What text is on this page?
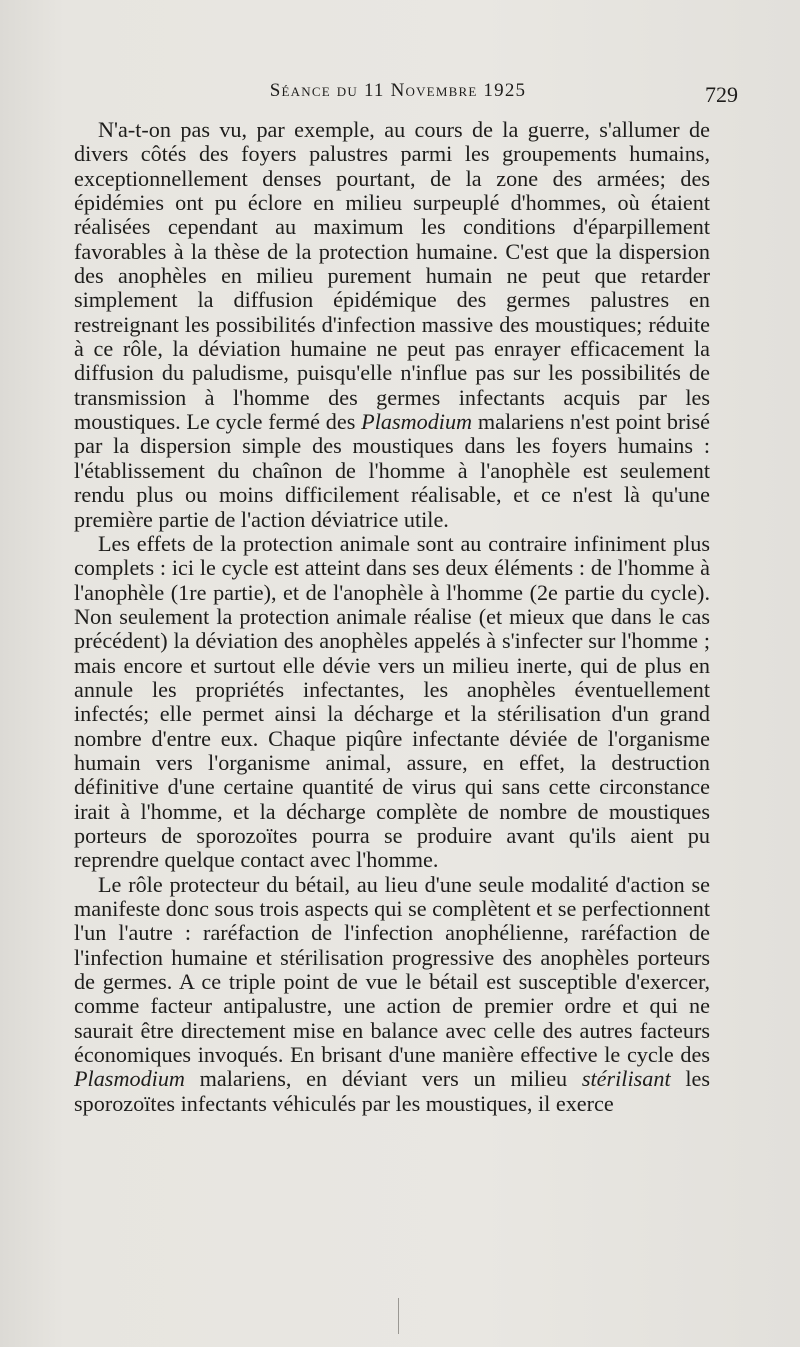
Séance du 11 Novembre 1925	729

N'a-t-on pas vu, par exemple, au cours de la guerre, s'allumer de divers côtés des foyers palustres parmi les groupements humains, exceptionnellement denses pourtant, de la zone des armées; des épidémies ont pu éclore en milieu surpeuplé d'hommes, où étaient réalisées cependant au maximum les conditions d'éparpillement favorables à la thèse de la protection humaine. C'est que la dispersion des anophèles en milieu purement humain ne peut que retarder simplement la diffusion épidémique des germes palustres en restreignant les possibilités d'infection massive des moustiques; réduite à ce rôle, la déviation humaine ne peut pas enrayer efficacement la diffusion du paludisme, puisqu'elle n'influe pas sur les possibilités de transmission à l'homme des germes infectants acquis par les moustiques. Le cycle fermé des Plasmodium malariens n'est point brisé par la dispersion simple des moustiques dans les foyers humains : l'établissement du chaînon de l'homme à l'anophèle est seulement rendu plus ou moins difficilement réalisable, et ce n'est là qu'une première partie de l'action déviatrice utile.

Les effets de la protection animale sont au contraire infiniment plus complets : ici le cycle est atteint dans ses deux éléments : de l'homme à l'anophèle (1re partie), et de l'anophèle à l'homme (2e partie du cycle). Non seulement la protection animale réalise (et mieux que dans le cas précédent) la déviation des anophèles appelés à s'infecter sur l'homme ; mais encore et surtout elle dévie vers un milieu inerte, qui de plus en annule les propriétés infectantes, les anophèles éventuellement infectés; elle permet ainsi la décharge et la stérilisation d'un grand nombre d'entre eux. Chaque piqûre infectante déviée de l'organisme humain vers l'organisme animal, assure, en effet, la destruction définitive d'une certaine quantité de virus qui sans cette circonstance irait à l'homme, et la décharge complète de nombre de moustiques porteurs de sporozoïtes pourra se produire avant qu'ils aient pu reprendre quelque contact avec l'homme.

Le rôle protecteur du bétail, au lieu d'une seule modalité d'action se manifeste donc sous trois aspects qui se complètent et se perfectionnent l'un l'autre : raréfaction de l'infection anophélienne, raréfaction de l'infection humaine et stérilisation progressive des anophèles porteurs de germes. A ce triple point de vue le bétail est susceptible d'exercer, comme facteur antipalustre, une action de premier ordre et qui ne saurait être directement mise en balance avec celle des autres facteurs économiques invoqués. En brisant d'une manière effective le cycle des Plasmodium malariens, en déviant vers un milieu stérilisant les sporozoïtes infectants véhiculés par les moustiques, il exerce
